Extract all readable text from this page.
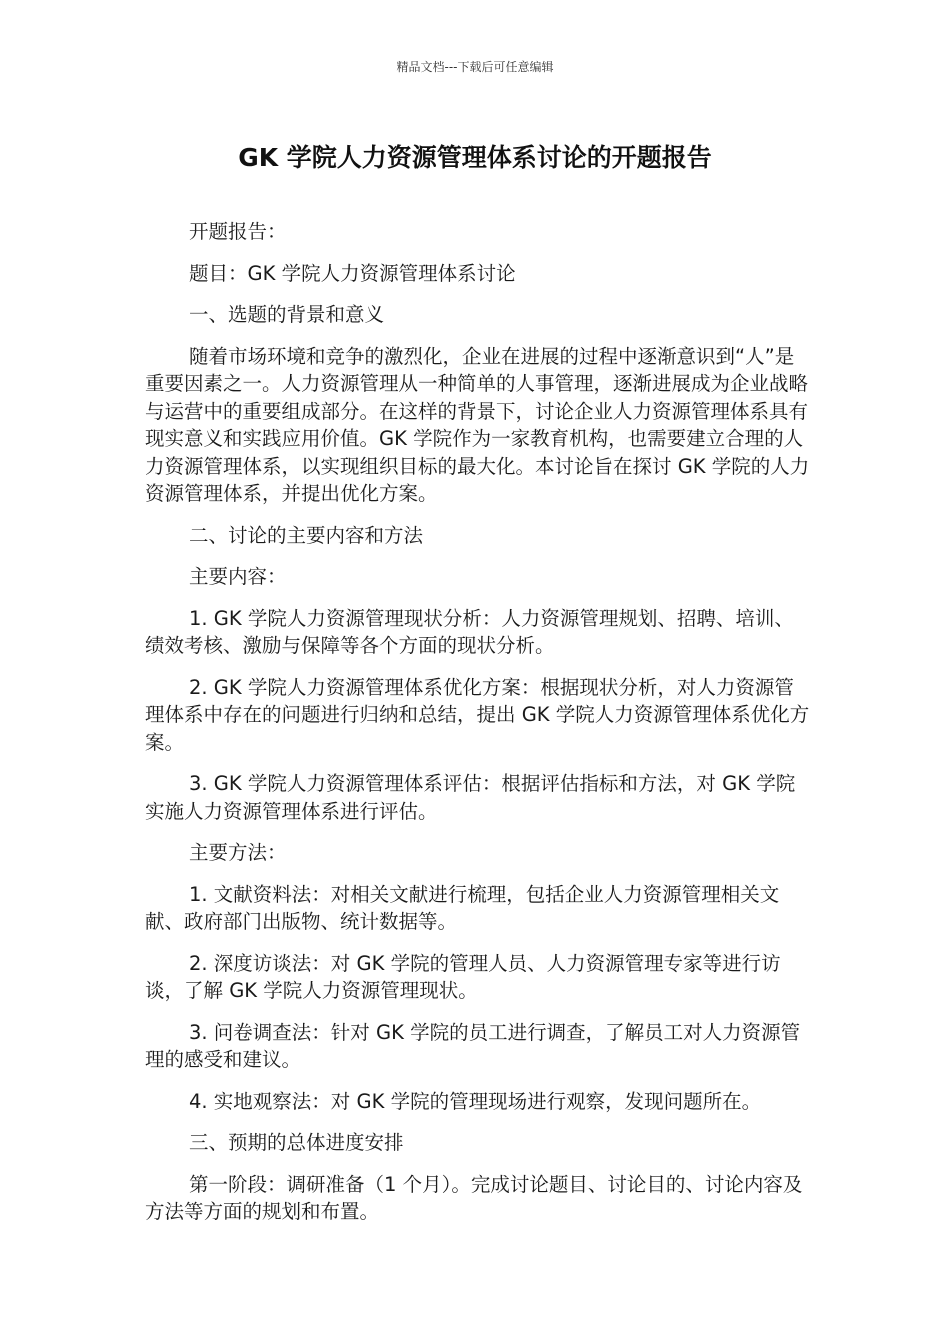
精品文档---下载后可任意编辑
GK 学院人力资源管理体系讨论的开题报告

开题报告：

题目：GK 学院人力资源管理体系讨论

一、选题的背景和意义

随着市场环境和竞争的激烈化，企业在进展的过程中逐渐意识到“人”是重要因素之一。人力资源管理从一种简单的人事管理，逐渐进展成为企业战略与运营中的重要组成部分。在这样的背景下，讨论企业人力资源管理体系具有现实意义和实践应用价值。GK 学院作为一家教育机构，也需要建立合理的人力资源管理体系，以实现组织目标的最大化。本讨论旨在探讨 GK 学院的人力资源管理体系，并提出优化方案。

二、讨论的主要内容和方法

主要内容：

1. GK 学院人力资源管理现状分析：人力资源管理规划、招聘、培训、绩效考核、激励与保障等各个方面的现状分析。

2. GK 学院人力资源管理体系优化方案：根据现状分析，对人力资源管理体系中存在的问题进行归纳和总结，提出 GK 学院人力资源管理体系优化方案。

3. GK 学院人力资源管理体系评估：根据评估指标和方法，对 GK 学院实施人力资源管理体系进行评估。

主要方法：

1. 文献资料法：对相关文献进行梳理，包括企业人力资源管理相关文献、政府部门出版物、统计数据等。

2. 深度访谈法：对 GK 学院的管理人员、人力资源管理专家等进行访谈，了解 GK 学院人力资源管理现状。

3. 问卷调查法：针对 GK 学院的员工进行调查，了解员工对人力资源管理的感受和建议。

4. 实地观察法：对 GK 学院的管理现场进行观察，发现问题所在。

三、预期的总体进度安排

第一阶段：调研准备（1 个月）。完成讨论题目、讨论目的、讨论内容及方法等方面的规划和布置。
